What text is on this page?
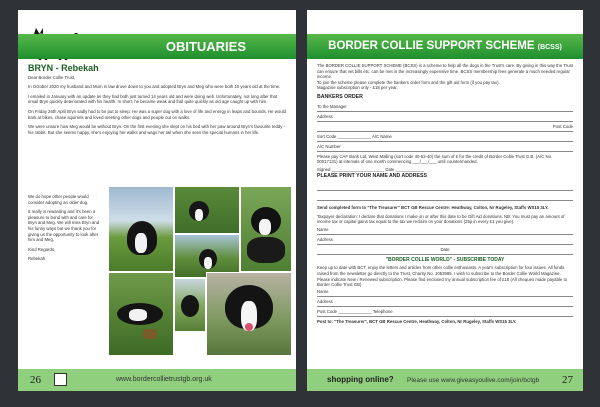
OBITUARIES
BRYN - Rebekah

Dear Border Collie Trust,

In October 2020 my husband and Mum in law drove down to you and adopted Bryn and Meg who were both 10 years old at the time.

I emailed in January with an update as they had both just turned 14 years old and were doing well. Unfortunately, not long after that email Bryn quickly deteriorated with his health. In short, he became weak and frail quite quickly as old age caught up with him.

On Friday 26th April Bryn sadly had to be put to sleep. He was a super dog with a love of life and energy in leaps and bounds. He would bark at bikes, chase squirrels and loved meeting other dogs and people out on walks.

We were unsure how Meg would be without Bryn. On the first evening she slept on his bed with her paw around Bryn's favourite teddy - his rabbit. But she seems happy, she's enjoying her walks and wags her tail when she sees the special humans in her life.

We do hope other people would consider adopting an older dog.

It really is rewarding and it's been a pleasure to bond with and care for Bryn and Meg. We will miss Bryn and his funny ways but we thank you for giving us the opportunity to look after him and Meg.

Kind Regards,

Rebekah

26	www.bordercollietrustgb.org.uk
BORDER COLLIE SUPPORT SCHEME (BCSS)

The BORDER COLLIE SUPPORT SCHEME (BCSS) is a scheme to help all the dogs in the Trust's care. By giving in this way the Trust can ensure that vet bills etc. can be met in the increasingly expensive time. BCSS membership fees generate a much needed regular income.

To join the scheme please complete the bankers order form and the gift aid form (if you pay tax).

Magazine subscription only - £18 per year.

BANKERS ORDER
To the Manager
Address
Post Code
Sort Code ______________ A/C Name
A/C Number

Please pay CAF Bank Ltd, West Malling (sort code 40-52-40) the sum of £ for the credit of Border Collie Trust G.B. (A/C No. 00017131) at intervals of one month commencing ___/___/___ until countermanded.

Signed ______________________ Date ____________

PLEASE PRINT YOUR NAME AND ADDRESS

Send completed form to "The Treasurer" BCT GB Rescue Centre: Heathway, Colton, Nr Rugeley, Staffs WS15 3LY.

Taxpayer declaration: I declare that donations I make on or after this date to be Gift Aid donations. NB: You must pay an amount of income tax or capital gains tax equal to the tax we reclaim on your donations (25p in every £1 you give).

Name
Address
Date
"BORDER COLLIE WORLD" - SUBSCRIBE TODAY

Keep up to date with BCT, enjoy the letters and articles from other collie enthusiasts. A year's subscription for four issues. All funds raised from the newsletter go directly to the Trust, Charity No. 1053585. I wish to subscribe to the Border Collie World Magazine. Please indicate New / Renewed subscription. Please find enclosed my annual subscription fee of £18 (All cheques made payable to Border Collie Trust GB)

Name
Address
Post Code ______________ Telephone

Post to: "The Treasurer", BCT GB Rescue Centre, Heathway, Colton, Nr Rugeley, Staffs WS15 3LY.

shopping online? Please use www.giveasyoulive.com/join/bctgb 27
